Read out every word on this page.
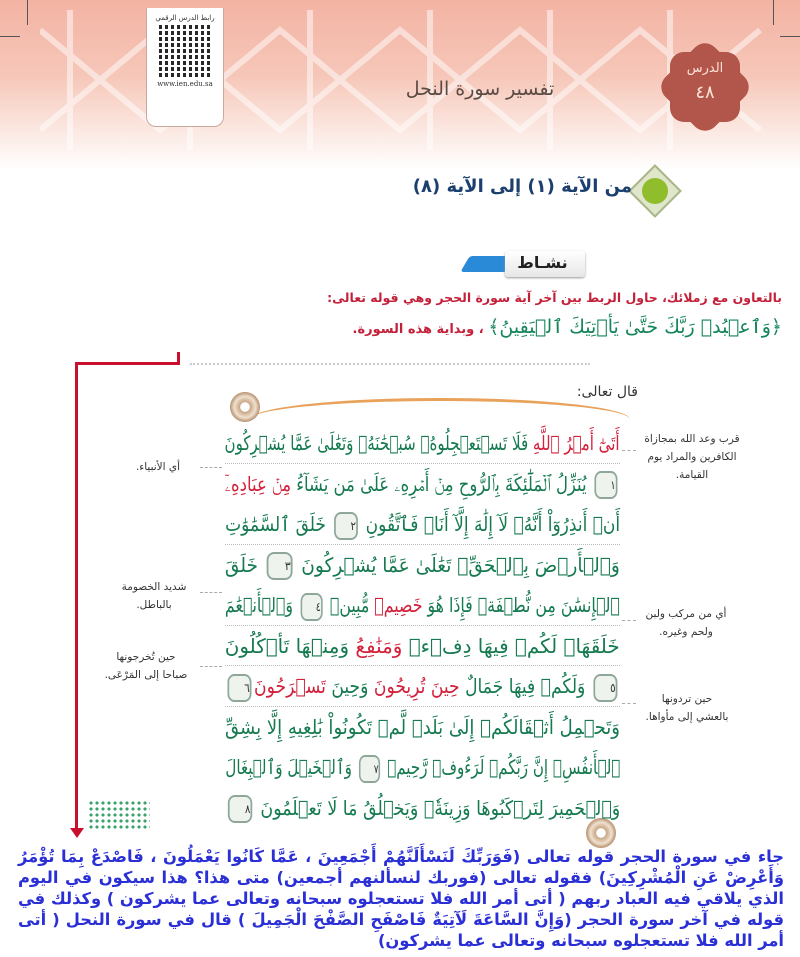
رابط الدرس الرقمي
www.ien.edu.sa	تفسير سورة النحل
الدرس
٤٨
من الآية (١) إلى الآية (٨)
نشـاط
بالتعاون مع زملائك، حاول الربط بين آخر آية سورة الحجر وهي قوله تعالى:
﴿وَٱعۡبُدۡ رَبَّكَ حَتَّىٰ يَأۡتِيَكَ ٱلۡيَقِينُ﴾ ، وبداية هذه السورة.
قال تعالى:
أَتَىٰٓ أَمۡرُ ٱللَّهِ فَلَا تَسۡتَعۡجِلُوهُۚ سُبۡحَٰنَهُۥ وَتَعَٰلَىٰ عَمَّا يُشۡرِكُونَ
١ يُنَزِّلُ ٱلۡمَلَٰٓئِكَةَ بِٱلرُّوحِ مِنۡ أَمۡرِهِۦ عَلَىٰ مَن يَشَآءُ مِنۡ عِبَادِهِۦٓ
أَنۡ أَنذِرُوٓاْ أَنَّهُۥ لَآ إِلَٰهَ إِلَّآ أَنَا۠ فَٱتَّقُونِ ٢ خَلَقَ ٱلسَّمَٰوَٰتِ
وَٱلۡأَرۡضَ بِٱلۡحَقِّۚ تَعَٰلَىٰ عَمَّا يُشۡرِكُونَ ٣ خَلَقَ
ٱلۡإِنسَٰنَ مِن نُّطۡفَةٖ فَإِذَا هُوَ خَصِيمٞ مُّبِينٞ ٤ وَٱلۡأَنۡعَٰمَ
خَلَقَهَاۖ لَكُمۡ فِيهَا دِفۡءٞ وَمَنَٰفِعُ وَمِنۡهَا تَأۡكُلُونَ
٥ وَلَكُمۡ فِيهَا جَمَالٌ حِينَ تُرِيحُونَ وَحِينَ تَسۡرَحُونَ٦
وَتَحۡمِلُ أَثۡقَالَكُمۡ إِلَىٰ بَلَدٖ لَّمۡ تَكُونُواْ بَٰلِغِيهِ إِلَّا بِشِقِّ
ٱلۡأَنفُسِۚ إِنَّ رَبَّكُمۡ لَرَءُوفٞ رَّحِيمٞ ٧ وَٱلۡخَيۡلَ وَٱلۡبِغَالَ
وَٱلۡحَمِيرَ لِتَرۡكَبُوهَا وَزِينَةٗۚ وَيَخۡلُقُ مَا لَا تَعۡلَمُونَ ٨
قرب وعد الله بمجازاة
الكافرين والمراد يوم
القيامة.
أي من مركب ولبن
ولحم وغيره.
حين تردونها
بالعشي إلى مأواها.
أي الأنبياء.
شديد الخصومة
بالباطل.
حين تُخرجونها
صباحا إلى المَرْعَى.
جاء في سورة الحجر قوله تعالى (فَوَرَبِّكَ لَنَسْأَلَنَّهُمْ أَجْمَعِينَ ، عَمَّا كَانُوا يَعْمَلُونَ ، فَاصْدَعْ بِمَا تُؤْمَرُ وَأَعْرِضْ عَنِ الْمُشْرِكِينَ) فقوله تعالى (فوربك لنسألنهم أجمعين) متى هذا؟ هذا سيكون في اليوم الذي يلاقي فيه العباد ربهم ( أتى أمر الله فلا تستعجلوه سبحانه وتعالى عما يشركون ) وكذلك في قوله في آخر سورة الحجر (وَإِنَّ السَّاعَةَ لَآتِيَةٌ فَاصْفَحِ الصَّفْحَ الْجَمِيلَ ) قال في سورة النحل ( أتى أمر الله فلا تستعجلوه سبحانه وتعالى عما يشركون)
